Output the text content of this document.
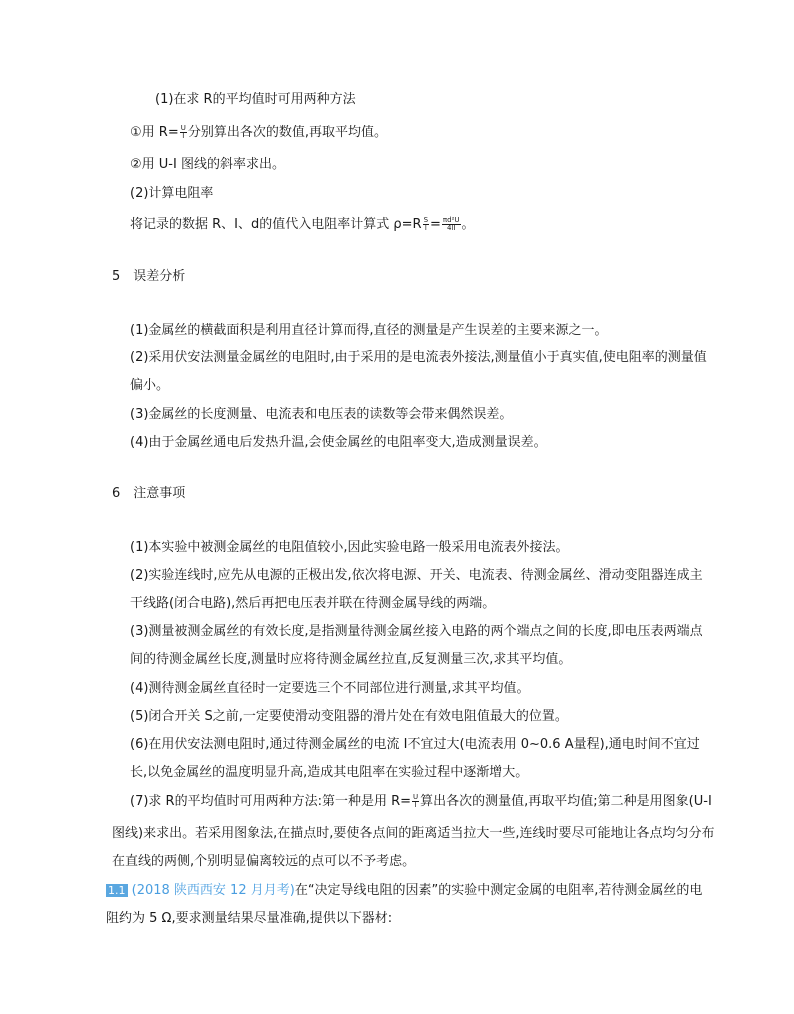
(1)在求 R的平均值时可用两种方法
①用 $R= \frac{U}{I}$ 分别算出各次的数值,再取平均值。
②用 U-I 图线的斜率求出。
(2)计算电阻率
将记录的数据 R、I、d的值代入电阻率计算式 $\rho=R \frac{S}{l} = \frac{\text{πd²U}}{4lI}$ 。
5　误差分析
(1)金属丝的横截面积是利用直径计算而得,直径的测量是产生误差的主要来源之一。
(2)采用伏安法测量金属丝的电阻时,由于采用的是电流表外接法,测量值小于真实值,使电阻率的测量值
偏小。
(3)金属丝的长度测量、电流表和电压表的读数等会带来偶然误差。
(4)由于金属丝通电后发热升温,会使金属丝的电阻率变大,造成测量误差。
6　注意事项
(1)本实验中被测金属丝的电阻值较小,因此实验电路一般采用电流表外接法。
(2)实验连线时,应先从电源的正极出发,依次将电源、开关、电流表、待测金属丝、滑动变阻器连成主
干线路(闭合电路),然后再把电压表并联在待测金属导线的两端。
(3)测量被测金属丝的有效长度,是指测量待测金属丝接入电路的两个端点之间的长度,即电压表两端点
间的待测金属丝长度,测量时应将待测金属丝拉直,反复测量三次,求其平均值。
(4)测待测金属丝直径时一定要选三个不同部位进行测量,求其平均值。
(5)闭合开关 S之前,一定要使滑动变阻器的滑片处在有效电阻值最大的位置。
(6)在用伏安法测电阻时,通过待测金属丝的电流 I不宜过大(电流表用 0~0.6 A量程),通电时间不宜过
长,以免金属丝的温度明显升高,造成其电阻率在实验过程中逐渐增大。
(7)求 R的平均值时可用两种方法:第一种是用 $R= \frac{U}{I}$ 算出各次的测量值,再取平均值;第二种是用图象(U-I
图线)来求出。若采用图象法,在描点时,要使各点间的距离适当拉大一些,连线时要尽可能地让各点均匀分布
在直线的两侧,个别明显偏离较远的点可以不予考虑。
1.1 (2018 陕西西安 12 月月考)在“决定导线电阻的因素”的实验中测定金属的电阻率,若待测金属丝的电
阻约为 5 Ω,要求测量结果尽量准确,提供以下器材:
